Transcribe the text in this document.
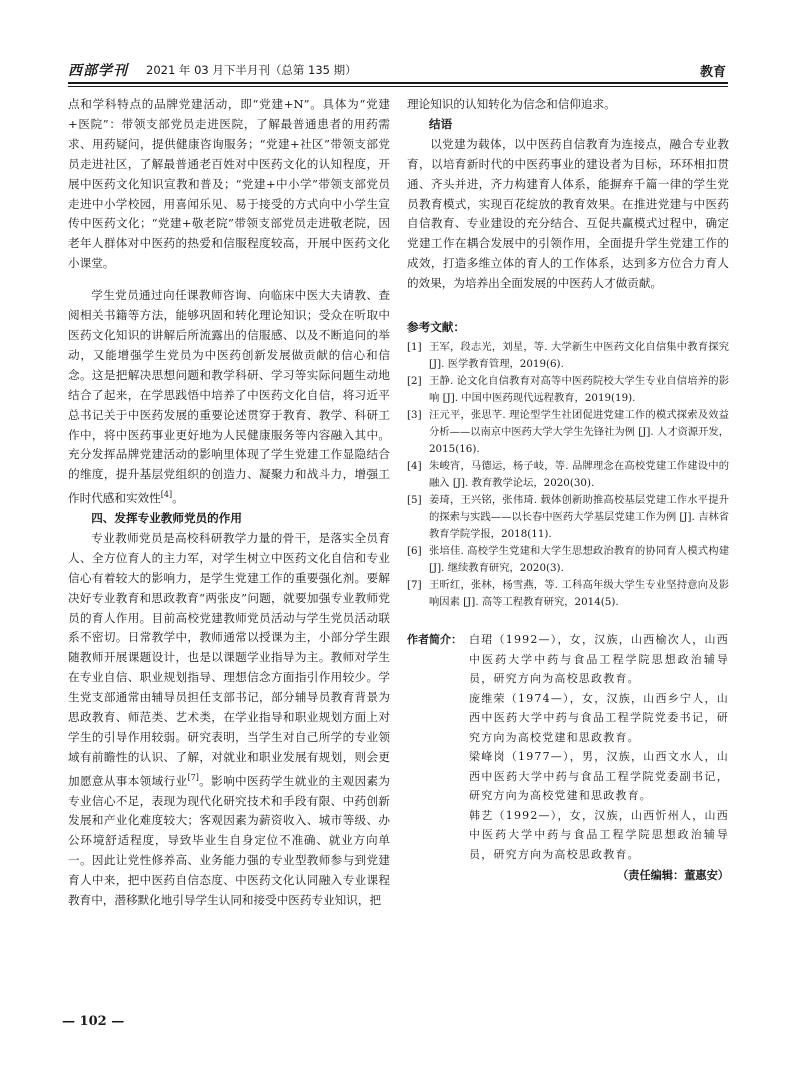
西部学刊 2021 年 03 月下半月刊（总第 135 期）	教育

点和学科特点的品牌党建活动，即“党建+N”。具体为“党建+医院”：带领支部党员走进医院，了解最普通患者的用药需求、用药疑问，提供健康咨询服务；“党建+社区”带领支部党员走进社区，了解最普通老百姓对中医药文化的认知程度，开展中医药文化知识宣教和普及；“党建+中小学”带领支部党员走进中小学校园，用喜闻乐见、易于接受的方式向中小学生宣传中医药文化；“党建+敬老院”带领支部党员走进敬老院，因老年人群体对中医药的热爱和信服程度较高，开展中医药文化小课堂。

学生党员通过向任课教师咨询、向临床中医大夫请教、查阅相关书籍等方法，能够巩固和转化理论知识；受众在听取中医药文化知识的讲解后所流露出的信服感、以及不断追问的举动，又能增强学生党员为中医药创新发展做贡献的信心和信念。这是把解决思想问题和教学科研、学习等实际问题生动地结合了起来，在学思践悟中培养了中医药文化自信，将习近平总书记关于中医药发展的重要论述贯穿于教育、教学、科研工作中，将中医药事业更好地为人民健康服务等内容融入其中。充分发挥品牌党建活动的影响里体现了学生党建工作显隐结合的维度，提升基层党组织的创造力、凝聚力和战斗力，增强工作时代感和实效性[4]。

四、发挥专业教师党员的作用

专业教师党员是高校科研教学力量的骨干，是落实全员育人、全方位育人的主力军，对学生树立中医药文化自信和专业信心有着较大的影响力，是学生党建工作的重要强化剂。要解决好专业教育和思政教育“两张皮”问题，就要加强专业教师党员的育人作用。目前高校党建教师党员活动与学生党员活动联系不密切。日常教学中，教师通常以授课为主，小部分学生跟随教师开展课题设计，也是以课题学业指导为主。教师对学生在专业自信、职业规划指导、理想信念方面指引作用较少。学生党支部通常由辅导员担任支部书记，部分辅导员教育背景为思政教育、师范类、艺术类，在学业指导和职业规划方面上对学生的引导作用较弱。研究表明，当学生对自己所学的专业领域有前瞻性的认识、了解，对就业和职业发展有规划，则会更加愿意从事本领域行业[7]。影响中医药学生就业的主观因素为专业信心不足，表现为现代化研究技术和手段有限、中药创新发展和产业化难度较大；客观因素为薪资收入、城市等级、办公环境舒适程度，导致毕业生自身定位不准确、就业方向单一。因此让党性修养高、业务能力强的专业型教师参与到党建育人中来，把中医药自信态度、中医药文化认同融入专业课程教育中，潜移默化地引导学生认同和接受中医药专业知识，把

理论知识的认知转化为信念和信仰追求。

结语

以党建为载体，以中医药自信教育为连接点，融合专业教育，以培育新时代的中医药事业的建设者为目标，环环相扣贯通、齐头并进，齐力构建育人体系，能摒弃千篇一律的学生党员教育模式，实现百花绽放的教育效果。在推进党建与中医药自信教育、专业建设的充分结合、互促共赢模式过程中，确定党建工作在耦合发展中的引领作用，全面提升学生党建工作的成效，打造多维立体的育人的工作体系，达到多方位合力育人的效果，为培养出全面发展的中医药人才做贡献。

参考文献：

[1] 王军，段志光，刘星，等. 大学新生中医药文化自信集中教育探究 [J]. 医学教育管理，2019(6).
[2] 王静. 论文化自信教育对高等中医药院校大学生专业自信培养的影响 [J]. 中国中医药现代远程教育，2019(19).
[3] 汪元平，张思芊. 理论型学生社团促进党建工作的模式探索及效益分析——以南京中医药大学大学生先锋社为例 [J]. 人才资源开发，2015(16).
[4] 朱峻宵，马德运，杨子岐，等. 品牌理念在高校党建工作建设中的融入 [J]. 教育教学论坛，2020(30).
[5] 姜琦，王兴铭，张伟琦. 载体创新助推高校基层党建工作水平提升的探索与实践——以长春中医药大学基层党建工作为例 [J]. 吉林省教育学院学报，2018(11).
[6] 张培佳. 高校学生党建和大学生思想政治教育的协同育人模式构建 [J]. 继续教育研究，2020(3).
[7] 王昕红，张林，杨雪燕，等. 工科高年级大学生专业坚持意向及影响因素 [J]. 高等工程教育研究，2014(5).
作者简介： 白珺（1992—），女，汉族，山西榆次人，山西中医药大学中药与食品工程学院思想政治辅导员，研究方向为高校思政教育。
庞维荣（1974—），女，汉族，山西乡宁人，山西中医药大学中药与食品工程学院党委书记，研究方向为高校党建和思政教育。
梁峰岗（1977—），男，汉族，山西文水人，山西中医药大学中药与食品工程学院党委副书记，研究方向为高校党建和思政教育。
韩艺（1992—），女，汉族，山西忻州人，山西中医药大学中药与食品工程学院思想政治辅导员，研究方向为高校思政教育。
（责任编辑：董惠安）
— 102 —
